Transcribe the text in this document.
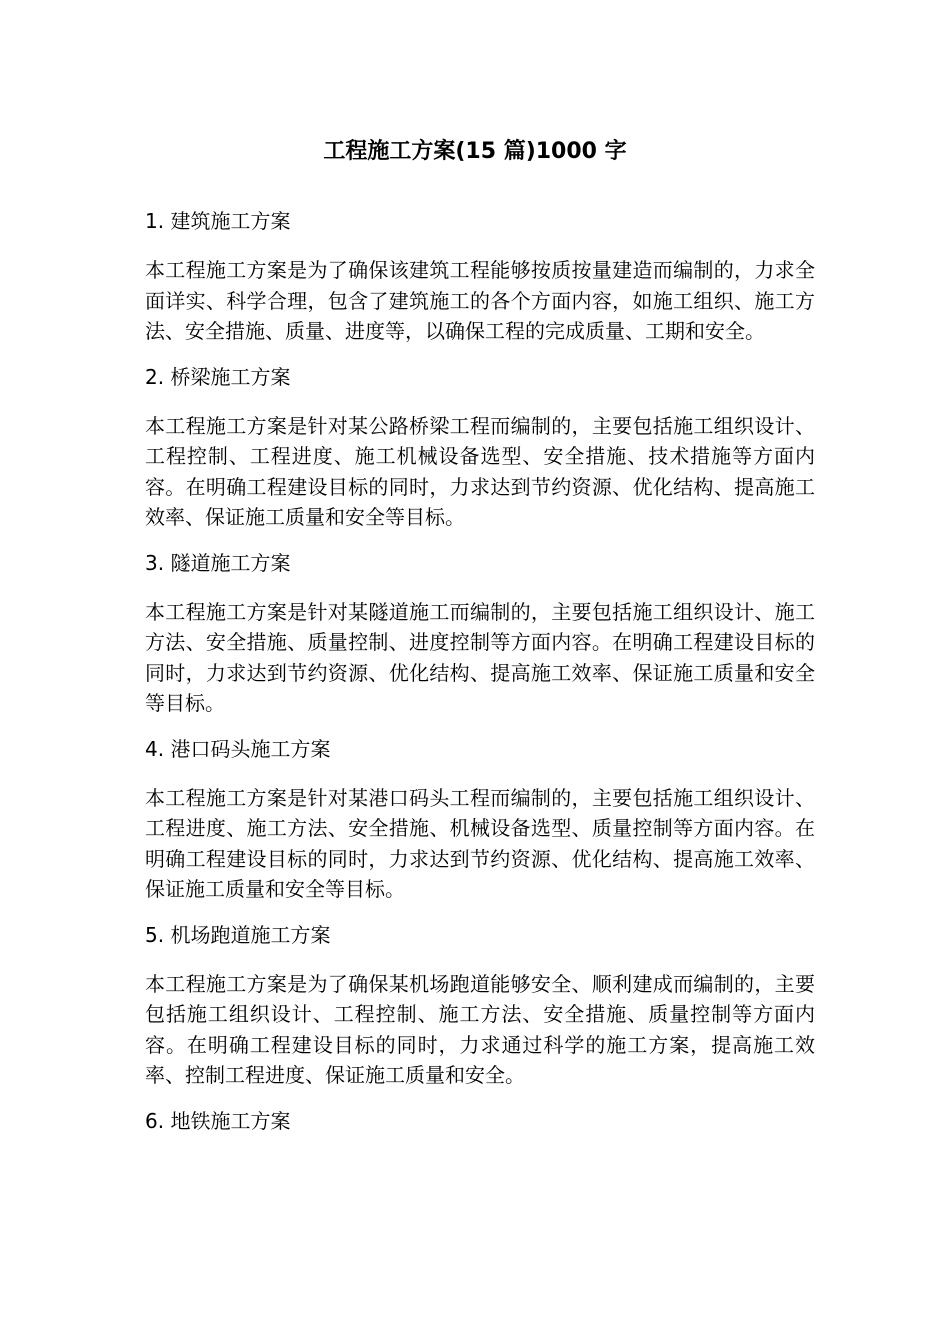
工程施工方案(15 篇)1000 字

1. 建筑施工方案

本工程施工方案是为了确保该建筑工程能够按质按量建造而编制的，力求全面详实、科学合理，包含了建筑施工的各个方面内容，如施工组织、施工方法、安全措施、质量、进度等，以确保工程的完成质量、工期和安全。

2. 桥梁施工方案

本工程施工方案是针对某公路桥梁工程而编制的，主要包括施工组织设计、工程控制、工程进度、施工机械设备选型、安全措施、技术措施等方面内容。在明确工程建设目标的同时，力求达到节约资源、优化结构、提高施工效率、保证施工质量和安全等目标。

3. 隧道施工方案

本工程施工方案是针对某隧道施工而编制的，主要包括施工组织设计、施工方法、安全措施、质量控制、进度控制等方面内容。在明确工程建设目标的同时，力求达到节约资源、优化结构、提高施工效率、保证施工质量和安全等目标。

4. 港口码头施工方案

本工程施工方案是针对某港口码头工程而编制的，主要包括施工组织设计、工程进度、施工方法、安全措施、机械设备选型、质量控制等方面内容。在明确工程建设目标的同时，力求达到节约资源、优化结构、提高施工效率、保证施工质量和安全等目标。

5. 机场跑道施工方案

本工程施工方案是为了确保某机场跑道能够安全、顺利建成而编制的，主要包括施工组织设计、工程控制、施工方法、安全措施、质量控制等方面内容。在明确工程建设目标的同时，力求通过科学的施工方案，提高施工效率、控制工程进度、保证施工质量和安全。

6. 地铁施工方案
